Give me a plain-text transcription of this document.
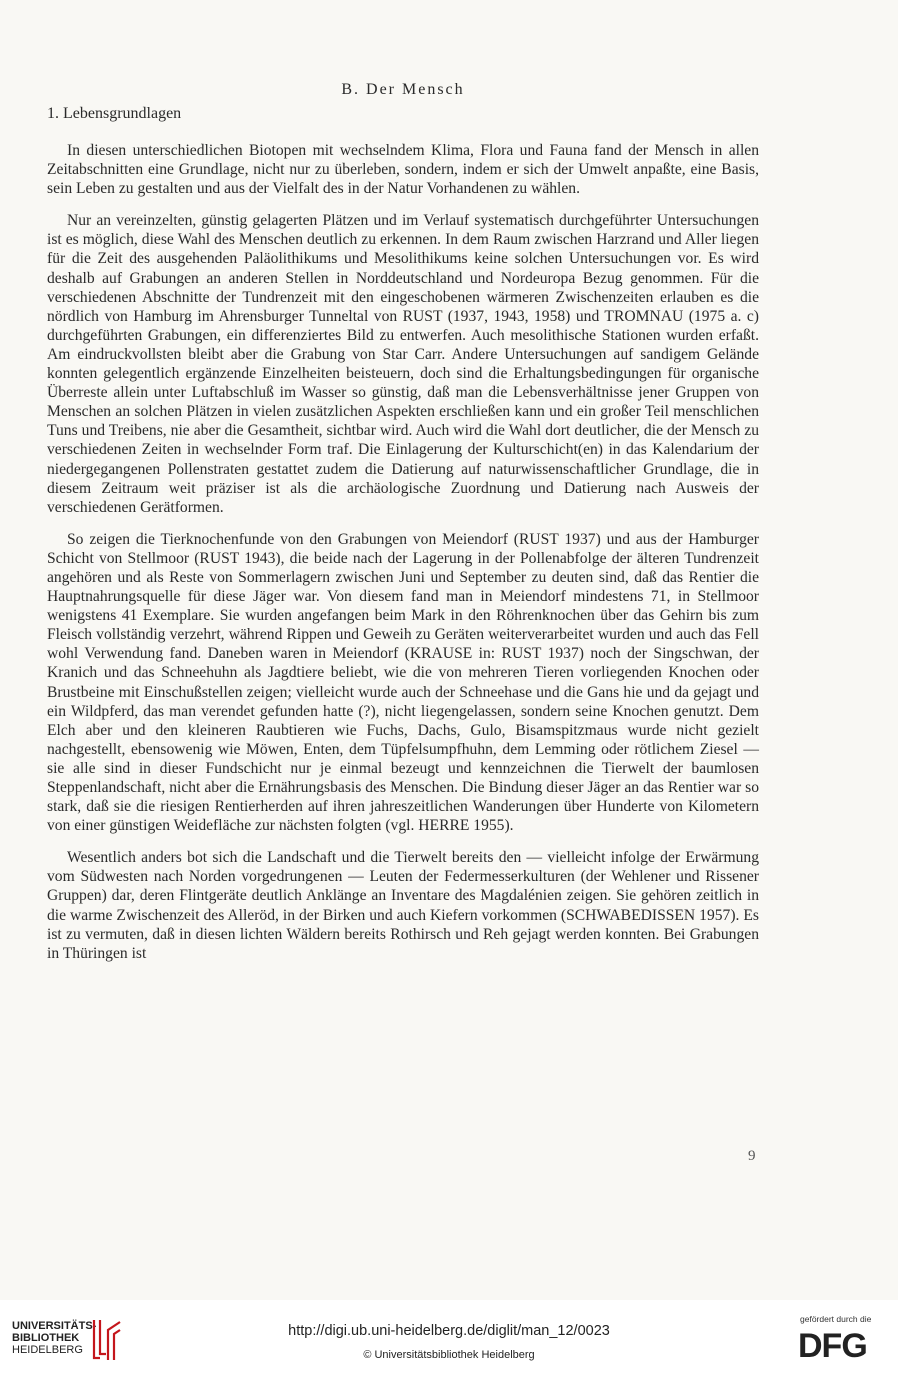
B. Der Mensch
1. Lebensgrundlagen

In diesen unterschiedlichen Biotopen mit wechselndem Klima, Flora und Fauna fand der Mensch in allen Zeitabschnitten eine Grundlage, nicht nur zu überleben, sondern, indem er sich der Umwelt anpaßte, eine Basis, sein Leben zu gestalten und aus der Vielfalt des in der Natur Vorhandenen zu wählen.

Nur an vereinzelten, günstig gelagerten Plätzen und im Verlauf systematisch durchgeführter Untersuchungen ist es möglich, diese Wahl des Menschen deutlich zu erkennen. In dem Raum zwischen Harzrand und Aller liegen für die Zeit des ausgehenden Paläolithikums und Mesolithikums keine solchen Untersuchungen vor. Es wird deshalb auf Grabungen an anderen Stellen in Norddeutschland und Nordeuropa Bezug genommen. Für die verschiedenen Abschnitte der Tundrenzeit mit den eingeschobenen wärmeren Zwischenzeiten erlauben es die nördlich von Hamburg im Ahrensburger Tunneltal von RUST (1937, 1943, 1958) und TROMNAU (1975 a. c) durchgeführten Grabungen, ein differenziertes Bild zu entwerfen. Auch mesolithische Stationen wurden erfaßt. Am eindruckvollsten bleibt aber die Grabung von Star Carr. Andere Untersuchungen auf sandigem Gelände konnten gelegentlich ergänzende Einzelheiten beisteuern, doch sind die Erhaltungsbedingungen für organische Überreste allein unter Luftabschluß im Wasser so günstig, daß man die Lebensverhältnisse jener Gruppen von Menschen an solchen Plätzen in vielen zusätzlichen Aspekten erschließen kann und ein großer Teil menschlichen Tuns und Treibens, nie aber die Gesamtheit, sichtbar wird. Auch wird die Wahl dort deutlicher, die der Mensch zu verschiedenen Zeiten in wechselnder Form traf. Die Einlagerung der Kulturschicht(en) in das Kalendarium der niedergegangenen Pollenstraten gestattet zudem die Datierung auf naturwissenschaftlicher Grundlage, die in diesem Zeitraum weit präziser ist als die archäologische Zuordnung und Datierung nach Ausweis der verschiedenen Gerätformen.

So zeigen die Tierknochenfunde von den Grabungen von Meiendorf (RUST 1937) und aus der Hamburger Schicht von Stellmoor (RUST 1943), die beide nach der Lagerung in der Pollenabfolge der älteren Tundrenzeit angehören und als Reste von Sommerlagern zwischen Juni und September zu deuten sind, daß das Rentier die Hauptnahrungsquelle für diese Jäger war. Von diesem fand man in Meiendorf mindestens 71, in Stellmoor wenigstens 41 Exemplare. Sie wurden angefangen beim Mark in den Röhrenknochen über das Gehirn bis zum Fleisch vollständig verzehrt, während Rippen und Geweih zu Geräten weiterverarbeitet wurden und auch das Fell wohl Verwendung fand. Daneben waren in Meiendorf (KRAUSE in: RUST 1937) noch der Singschwan, der Kranich und das Schneehuhn als Jagdtiere beliebt, wie die von mehreren Tieren vorliegenden Knochen oder Brustbeine mit Einschußstellen zeigen; vielleicht wurde auch der Schneehase und die Gans hie und da gejagt und ein Wildpferd, das man verendet gefunden hatte (?), nicht liegengelassen, sondern seine Knochen genutzt. Dem Elch aber und den kleineren Raubtieren wie Fuchs, Dachs, Gulo, Bisamspitzmaus wurde nicht gezielt nachgestellt, ebensowenig wie Möwen, Enten, dem Tüpfelsumpfhuhn, dem Lemming oder rötlichem Ziesel — sie alle sind in dieser Fundschicht nur je einmal bezeugt und kennzeichnen die Tierwelt der baumlosen Steppenlandschaft, nicht aber die Ernährungsbasis des Menschen. Die Bindung dieser Jäger an das Rentier war so stark, daß sie die riesigen Rentierherden auf ihren jahreszeitlichen Wanderungen über Hunderte von Kilometern von einer günstigen Weidefläche zur nächsten folgten (vgl. HERRE 1955).

Wesentlich anders bot sich die Landschaft und die Tierwelt bereits den — vielleicht infolge der Erwärmung vom Südwesten nach Norden vorgedrungenen — Leuten der Federmesserkulturen (der Wehlener und Rissener Gruppen) dar, deren Flintgeräte deutlich Anklänge an Inventare des Magdalénien zeigen. Sie gehören zeitlich in die warme Zwischenzeit des Alleröd, in der Birken und auch Kiefern vorkommen (SCHWABEDISSEN 1957). Es ist zu vermuten, daß in diesen lichten Wäldern bereits Rothirsch und Reh gejagt werden konnten. Bei Grabungen in Thüringen ist

9
UNIVERSITÄTS-
BIBLIOTHEK
HEIDELBERG
http://digi.ub.uni-heidelberg.de/diglit/man_12/0023
© Universitätsbibliothek Heidelberg
gefördert durch die
DFG
